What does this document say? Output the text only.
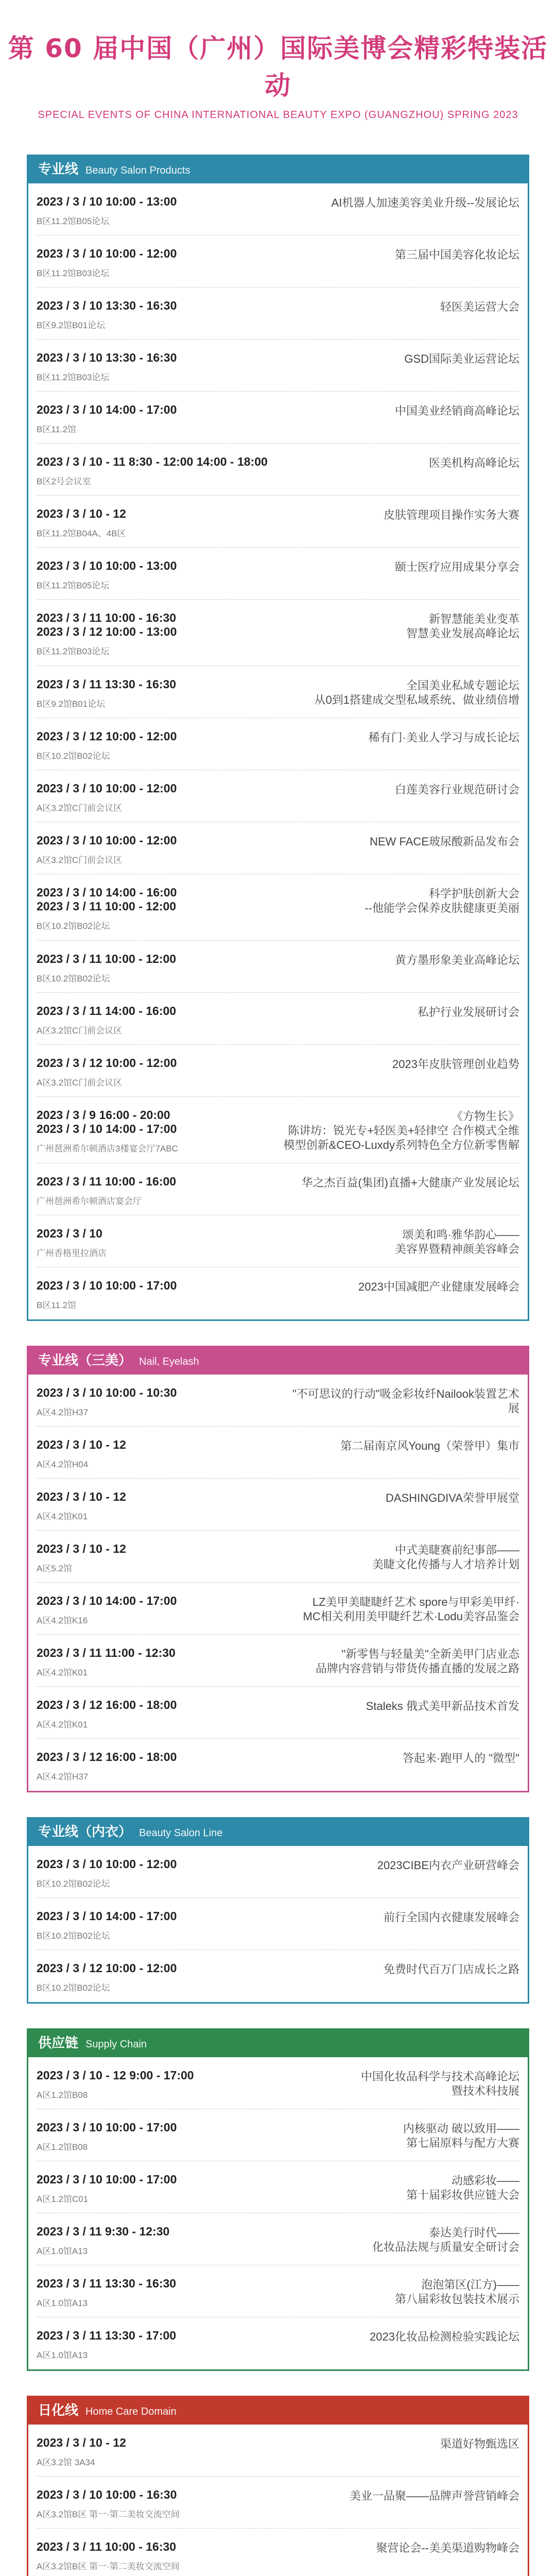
第 60 届中国（广州）国际美博会精彩特装活动
SPECIAL EVENTS OF CHINA INTERNATIONAL BEAUTY EXPO (GUANGZHOU) SPRING 2023
专业线 Beauty Salon Products
2023 / 3 / 10 10:00 - 13:00
B区11.2馆B05论坛
AI机器人加速美容美业升级--发展论坛
2023 / 3 / 10 10:00 - 12:00
B区11.2馆B03论坛
第三届中国美容化妆论坛
2023 / 3 / 10 13:30 - 16:30
B区9.2馆B01论坛
轻医美运营大会
2023 / 3 / 10 13:30 - 16:30
B区11.2馆B03论坛
GSD国际美业运营论坛
2023 / 3 / 10 14:00 - 17:00
B区11.2馆
中国美业经销商高峰论坛
2023 / 3 / 10 - 11 8:30 - 12:00 14:00 - 18:00
B区2号会议室
医美机构高峰论坛
2023 / 3 / 10 - 12
B区11.2馆B04A、4B区
皮肤管理项目操作实务大赛
2023 / 3 / 10 10:00 - 13:00
B区11.2馆B05论坛
颐士医疗应用成果分享会
2023 / 3 / 11 10:00 - 16:30
2023 / 3 / 12 10:00 - 13:00
B区11.2馆B03论坛
新智慧能美业变革
智慧美业发展高峰论坛
2023 / 3 / 11 13:30 - 16:30
B区9.2馆B01论坛
全国美业私域专题论坛
从0到1搭建成交型私域系统、做业绩倍增
2023 / 3 / 12 10:00 - 12:00
B区10.2馆B02论坛
稀有门·美业人学习与成长论坛
2023 / 3 / 10 10:00 - 12:00
A区3.2馆C门前会议区
白莲美容行业规范研讨会
2023 / 3 / 10 10:00 - 12:00
A区3.2馆C门前会议区
NEW FACE玻尿酸新品发布会
2023 / 3 / 10 14:00 - 16:00
2023 / 3 / 11 10:00 - 12:00
B区10.2馆B02论坛
科学护肤创新大会
--他能学会保养皮肤健康更美丽
2023 / 3 / 11 10:00 - 12:00
B区10.2馆B02论坛
黄方墨形象美业高峰论坛
2023 / 3 / 11 14:00 - 16:00
A区3.2馆C门前会议区
私护行业发展研讨会
2023 / 3 / 12 10:00 - 12:00
A区3.2馆C门前会议区
2023年皮肤管理创业趋势
2023 / 3 / 9 16:00 - 20:00
2023 / 3 / 10 14:00 - 17:00
广州琶洲希尔顿酒店3楼宴会厅7ABC
《方物生长》
陈讲坊：锐光专+轻医美+轻律空 合作模式全维
模型创新&CEO-Luxdy系列特色全方位新零售解
2023 / 3 / 11 10:00 - 16:00
广州琶洲希尔顿酒店宴会厅
华之杰百益(集团)直播+大健康产业发展论坛
2023 / 3 / 10
广州香格里拉酒店
颂美和鸣·雅华韵心——
美容界暨精神颜美容峰会
2023 / 3 / 10 10:00 - 17:00
B区11.2馆
2023中国减肥产业健康发展峰会
专业线（三美） Nail, Eyelash
2023 / 3 / 10 10:00 - 10:30
A区4.2馆H37
"不可思议的行动"吸金彩妆纤Nailook装置艺术展
2023 / 3 / 10 - 12
A区4.2馆H04
第二届南京风Young（荣誉甲）集市
2023 / 3 / 10 - 12
A区4.2馆K01
DASHINGDIVA荣誉甲展堂
2023 / 3 / 10 - 12
A区5.2馆
中式美睫赛前纪事部——
美睫文化传播与人才培养计划
2023 / 3 / 10 14:00 - 17:00
A区4.2馆K16
LZ美甲美睫睫纤艺术 spore与甲彩美甲纤·
MC相关利用美甲睫纤艺术·Lodu美容品鉴会
2023 / 3 / 11 11:00 - 12:30
A区4.2馆K01
"新零售与轻量美"全新美甲门店业态
品牌内容营销与带货传播直播的发展之路
2023 / 3 / 12 16:00 - 18:00
A区4.2馆K01
Staleks 俄式美甲新品技术首发
2023 / 3 / 12 16:00 - 18:00
A区4.2馆H37
答起来·跑甲人的 "微型"
专业线（内衣） Beauty Salon Line
2023 / 3 / 10 10:00 - 12:00
B区10.2馆B02论坛
2023CIBE内衣产业研营峰会
2023 / 3 / 10 14:00 - 17:00
B区10.2馆B02论坛
前行全国内衣健康发展峰会
2023 / 3 / 12 10:00 - 12:00
B区10.2馆B02论坛
免费时代百万门店成长之路
供应链 Supply Chain
2023 / 3 / 10 - 12 9:00 - 17:00
A区1.2馆B08
中国化妆品科学与技术高峰论坛
暨技术科技展
2023 / 3 / 10 10:00 - 17:00
A区1.2馆B08
内核驱动 破以致用——
第七届原料与配方大赛
2023 / 3 / 10 10:00 - 17:00
A区1.2馆C01
动感彩妆——
第十届彩妆供应链大会
2023 / 3 / 11 9:30 - 12:30
A区1.0馆A13
泰达美行时代——
化妆品法规与质量安全研讨会
2023 / 3 / 11 13:30 - 16:30
A区1.0馆A13
泡泡第区(江方)——
第八届彩妆包装技术展示
2023 / 3 / 11 13:30 - 17:00
A区1.0馆A13
2023化妆品检测检验实践论坛
日化线 Home Care Domain
2023 / 3 / 10 - 12
A区3.2馆 3A34
渠道好物甄选区
2023 / 3 / 10 10:00 - 16:30
A区3.2馆B区 第一·第二美妆交流空间
美业一品聚——品牌声誉营销峰会
2023 / 3 / 11 10:00 - 16:30
A区3.2馆B区 第一·第二美妆交流空间
聚营论会--美美渠道购物峰会
